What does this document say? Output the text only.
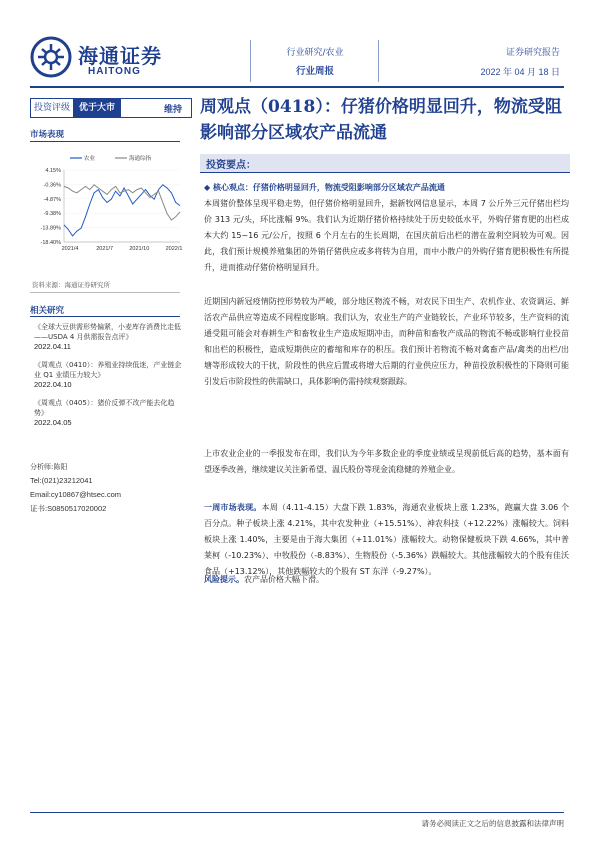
海通证券
HAITONG
行业研究/农业
行业周报
证券研究报告
2022 年 04 月 18 日
投资评级	优于大市	维持 周观点（0418）：仔猪价格明显回升，物流受阻影响部分区域农产品流通
市场表现
农业	海通综指
4.15%
-0.36%
-4.87%
-9.38%
-13.89%
-18.40%
2021/4	2021/7	2021/10	2022/1
资料来源：海通证券研究所
相关研究
《全球大豆供需形势偏紧，小麦库存消费比走低——USDA 4 月供需报告点评》
2022.04.11
《周观点（0410）：养殖业持续低迷，产业链企业 Q1 业绩压力较大》
2022.04.10
《周观点（0405）：猪价反弹不改产能去化趋势》
2022.04.05
分析师:陈阳
Tel:(021)23212041
Email:cy10867@htsec.com
证书:S0850517020002
投资要点：
◆ 核心观点：仔猪价格明显回升，物流受阻影响部分区域农产品流通
本周猪价整体呈现平稳走势，但仔猪价格明显回升，据新牧网信息显示，本周 7 公斤外三元仔猪出栏均价 313 元/头，环比涨幅 9%。我们认为近期仔猪价格持续处于历史较低水平，外购仔猪育肥的出栏成本大约 15~16 元/公斤，按照 6 个月左右的生长周期，在国庆前后出栏的潜在盈利空间较为可观。因此，我们预计规模养殖集团的外销仔猪供应或多将转为自用，而中小散户的外购仔猪育肥积极性有所提升，进而推动仔猪价格明显回升。
近期国内新冠疫情防控形势较为严峻，部分地区物流不畅，对农民下田生产、农机作业、农资调运、鲜活农产品供应等造成不同程度影响。我们认为，农业生产的产业链较长，产业环节较多，生产资料的流通受阻可能会对春耕生产和畜牧业生产造成短期冲击，而种苗和畜牧产成品的物流不畅或影响行业投苗和出栏的积极性，造成短期供应的蓄缩和库存的积压。我们预计若物流不畅对禽畜产品/禽类的出栏/出塘等形成较大的干扰，阶段性的供应后置或将增大后期的行业供应压力，种苗投放积极性的下降则可能引发后市阶段性的供需缺口，具体影响仍需持续观察跟踪。
上市农业企业的一季报发布在即，我们认为今年多数企业的季度业绩或呈现前低后高的趋势，基本面有望逐季改善，继续建议关注新希望、温氏股份等现金流稳健的养殖企业。
一周市场表现。本周（4.11-4.15）大盘下跌 1.83%，海通农业板块上涨 1.23%，跑赢大盘 3.06 个百分点。种子板块上涨 4.21%，其中农发种业（+15.51%）、神农科技（+12.22%）涨幅较大。饲料板块上涨 1.40%，主要是由于海大集团（+11.01%）涨幅较大。动物保健板块下跌 4.66%，其中普莱柯（-10.23%）、中牧股份（-8.83%）、生物股份（-5.36%）跌幅较大。其他涨幅较大的个股有佳沃食品（+13.12%），其他跌幅较大的个股有 ST 东洋（-9.27%）。
风险提示。农产品价格大幅下滑。
请务必阅读正文之后的信息披露和法律声明
